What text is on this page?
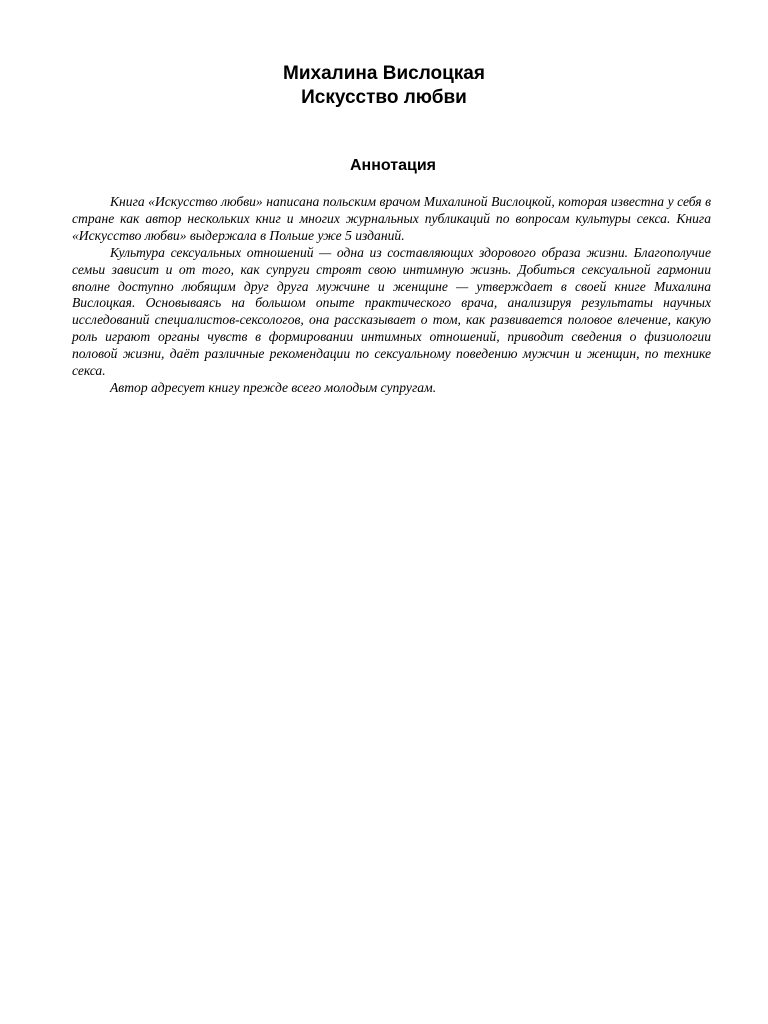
Михалина Вислоцкая
Искусство любви
Аннотация

Книга «Искусство любви» написана польским врачом Михалиной Вислоцкой, которая известна у себя в стране как автор нескольких книг и многих журнальных публикаций по вопросам культуры секса. Книга «Искусство любви» выдержала в Польше уже 5 изданий.

Культура сексуальных отношений — одна из составляющих здорового образа жизни. Благополучие семьи зависит и от того, как супруги строят свою интимную жизнь. Добиться сексуальной гармонии вполне доступно любящим друг друга мужчине и женщине — утверждает в своей книге Михалина Вислоцкая. Основываясь на большом опыте практического врача, анализируя результаты научных исследований специалистов-сексологов, она рассказывает о том, как развивается половое влечение, какую роль играют органы чувств в формировании интимных отношений, приводит сведения о физиологии половой жизни, даёт различные рекомендации по сексуальному поведению мужчин и женщин, по технике секса.

Автор адресует книгу прежде всего молодым супругам.
